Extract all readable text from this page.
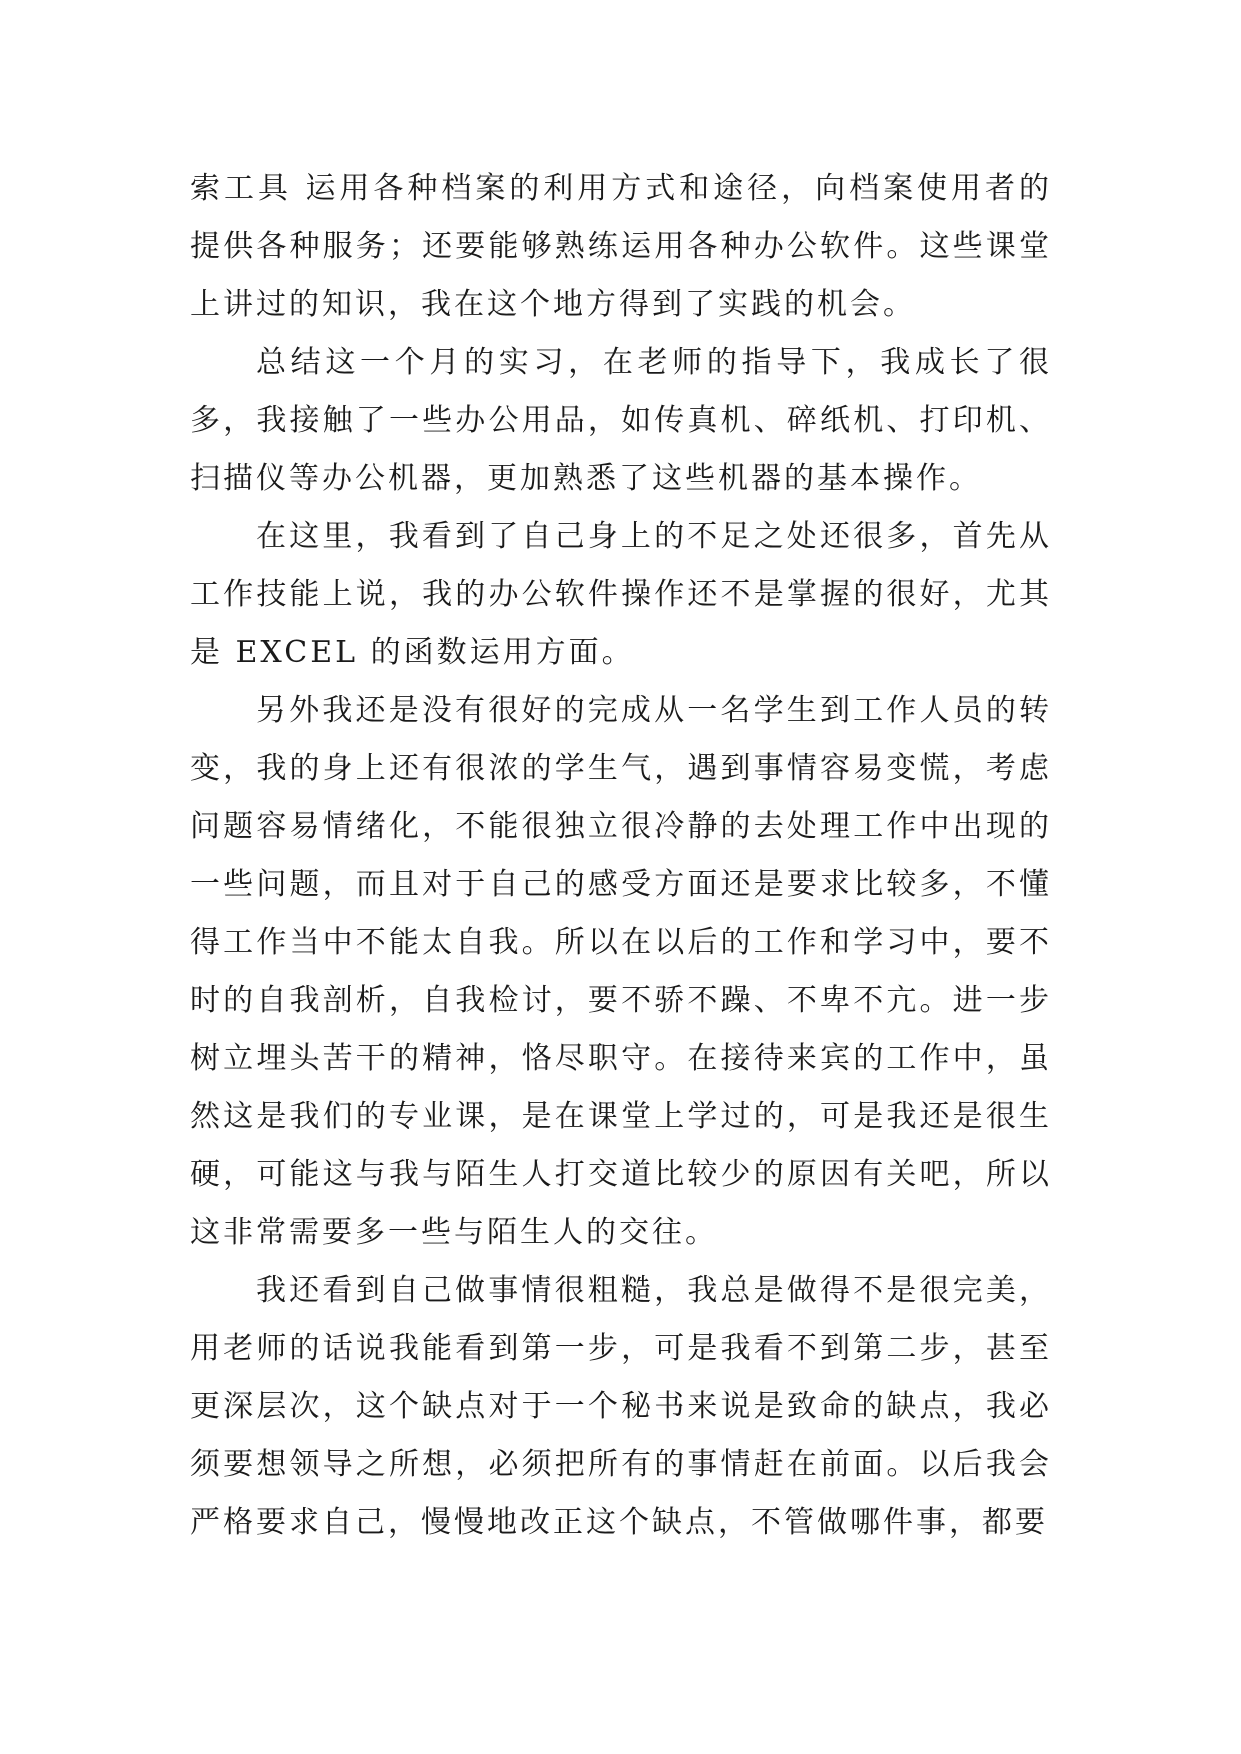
索工具 运用各种档案的利用方式和途径，向档案使用者的提供各种服务；还要能够熟练运用各种办公软件。这些课堂上讲过的知识，我在这个地方得到了实践的机会。

总结这一个月的实习，在老师的指导下，我成长了很多，我接触了一些办公用品，如传真机、碎纸机、打印机、扫描仪等办公机器，更加熟悉了这些机器的基本操作。

在这里，我看到了自己身上的不足之处还很多，首先从工作技能上说，我的办公软件操作还不是掌握的很好，尤其是 EXCEL 的函数运用方面。

另外我还是没有很好的完成从一名学生到工作人员的转变，我的身上还有很浓的学生气，遇到事情容易变慌，考虑问题容易情绪化，不能很独立很冷静的去处理工作中出现的一些问题，而且对于自己的感受方面还是要求比较多，不懂得工作当中不能太自我。所以在以后的工作和学习中，要不时的自我剖析，自我检讨，要不骄不躁、不卑不亢。进一步树立埋头苦干的精神，恪尽职守。在接待来宾的工作中，虽然这是我们的专业课，是在课堂上学过的，可是我还是很生硬，可能这与我与陌生人打交道比较少的原因有关吧，所以这非常需要多一些与陌生人的交往。

我还看到自己做事情很粗糙，我总是做得不是很完美，用老师的话说我能看到第一步，可是我看不到第二步，甚至更深层次，这个缺点对于一个秘书来说是致命的缺点，我必须要想领导之所想，必须把所有的事情赶在前面。以后我会严格要求自己，慢慢地改正这个缺点，不管做哪件事，都要
